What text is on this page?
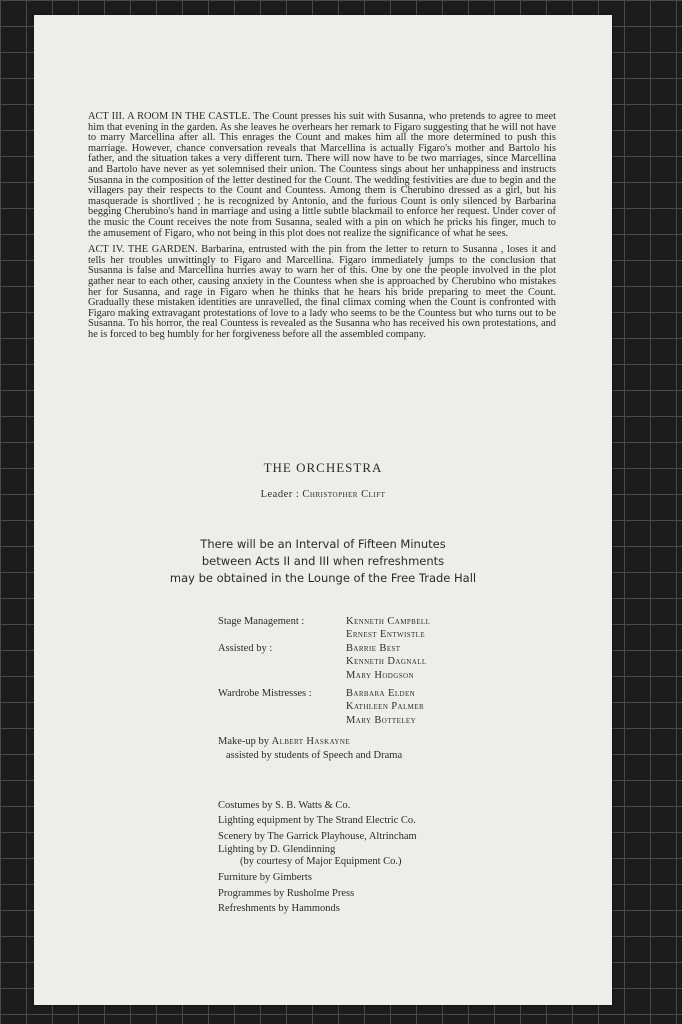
ACT III. A ROOM IN THE CASTLE. The Count presses his suit with Susanna, who pretends to agree to meet him that evening in the garden. As she leaves he overhears her remark to Figaro suggesting that he will not have to marry Marcellina after all. This enrages the Count and makes him all the more determined to push this marriage. However, chance conversation reveals that Marcellina is actually Figaro's mother and Bartolo his father, and the situation takes a very different turn. There will now have to be two marriages, since Marcellina and Bartolo have never as yet solemnised their union. The Countess sings about her unhappiness and instructs Susanna in the composition of the letter destined for the Count. The wedding festivities are due to begin and the villagers pay their respects to the Count and Countess. Among them is Cherubino dressed as a girl, but his masquerade is shortlived ; he is recognized by Antonio, and the furious Count is only silenced by Barbarina begging Cherubino's hand in marriage and using a little subtle blackmail to enforce her request. Under cover of the music the Count receives the note from Susanna, sealed with a pin on which he pricks his finger, much to the amusement of Figaro, who not being in this plot does not realize the significance of what he sees.

ACT IV. THE GARDEN. Barbarina, entrusted with the pin from the letter to return to Susanna , loses it and tells her troubles unwittingly to Figaro and Marcellina. Figaro immediately jumps to the conclusion that Susanna is false and Marcellina hurries away to warn her of this. One by one the people involved in the plot gather near to each other, causing anxiety in the Countess when she is approached by Cherubino who mistakes her for Susanna, and rage in Figaro when he thinks that he hears his bride preparing to meet the Count. Gradually these mistaken identities are unravelled, the final climax coming when the Count is confronted with Figaro making extravagant protestations of love to a lady who seems to be the Countess but who turns out to be Susanna. To his horror, the real Countess is revealed as the Susanna who has received his own protestations, and he is forced to beg humbly for her forgiveness before all the assembled company.

THE ORCHESTRA
Leader : Christopher Clift
There will be an Interval of Fifteen Minutes
between Acts II and III when refreshments
may be obtained in the Lounge of the Free Trade Hall
Stage Management :	Kenneth Campbell
Ernest Entwistle
Assisted by :	Barrie Best
Kenneth Dagnall
Mary Hodgson
Wardrobe Mistresses :	Barbara Elden
Kathleen Palmer
Mary Botteley
Make-up by Albert Haskayne
assisted by students of Speech and Drama
Costumes by S. B. Watts & Co.
Lighting equipment by The Strand Electric Co.
Scenery by The Garrick Playhouse, Altrincham
Lighting by D. Glendinning
(by courtesy of Major Equipment Co.)
Furniture by Gimberts
Programmes by Rusholme Press
Refreshments by Hammonds
